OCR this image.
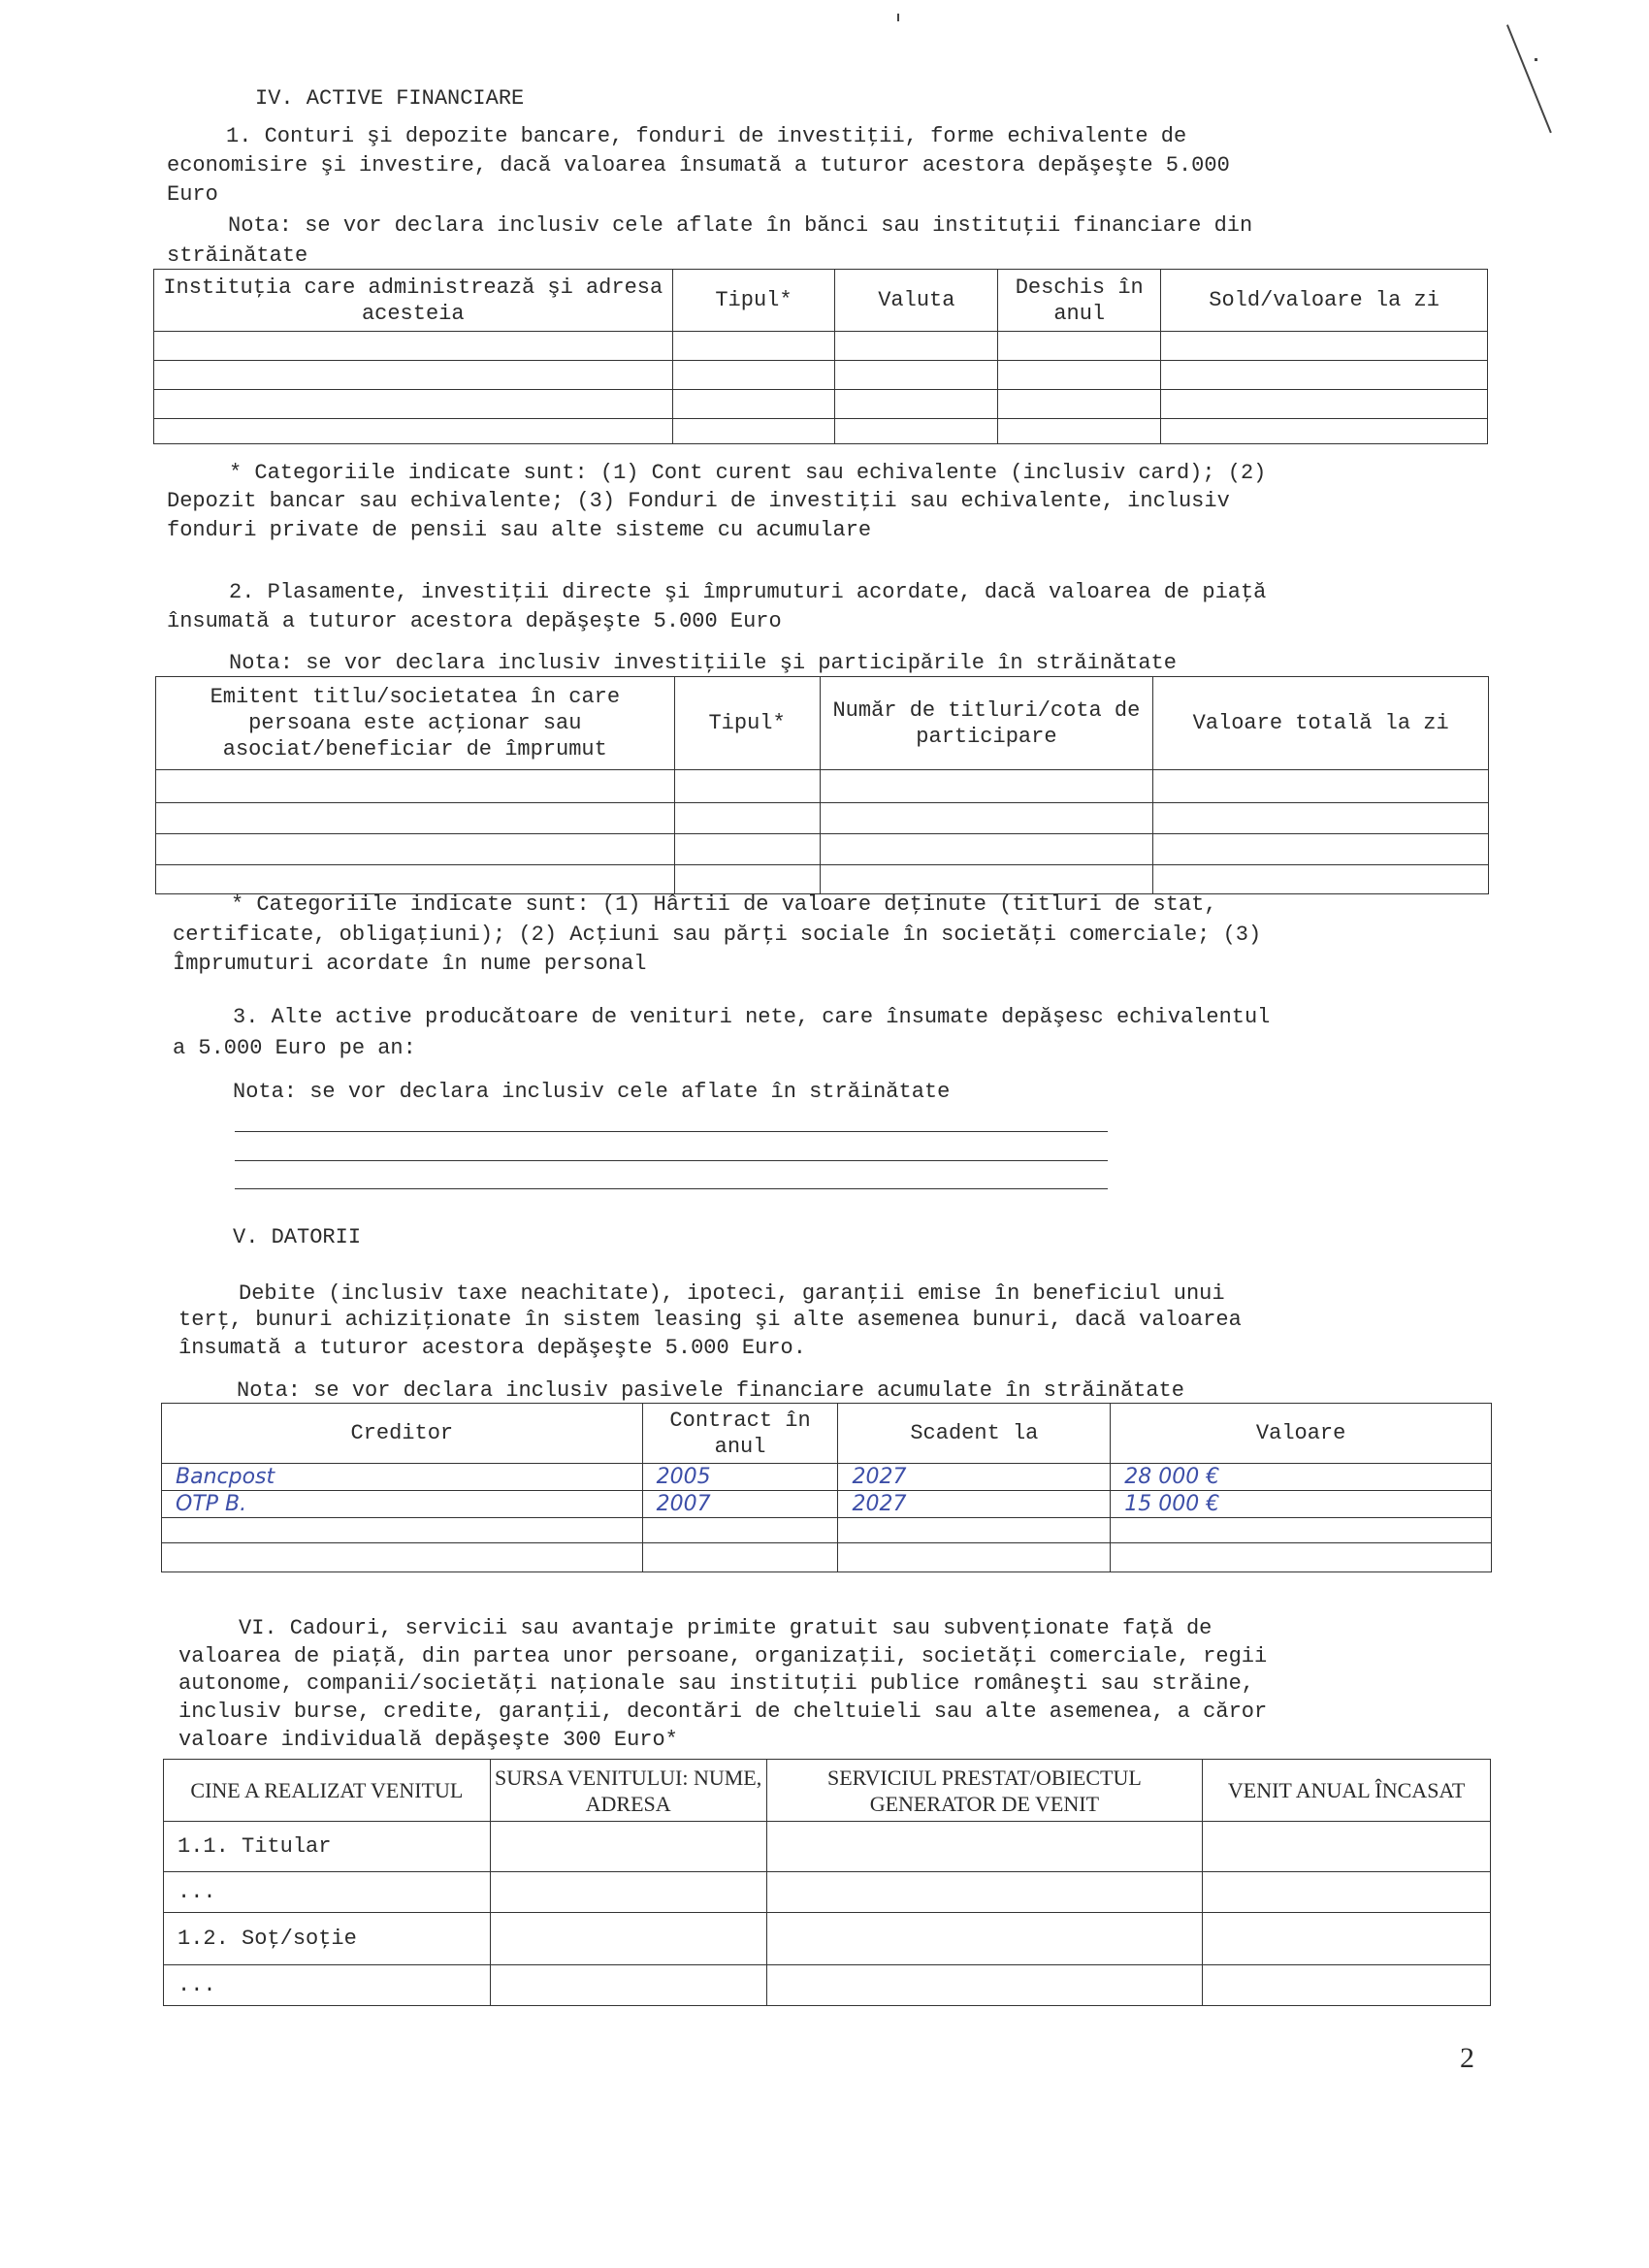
IV. ACTIVE FINANCIARE
1. Conturi şi depozite bancare, fonduri de investiţii, forme echivalente de
economisire şi investire, dacă valoarea însumată a tuturor acestora depăşeşte 5.000
Euro
Nota: se vor declara inclusiv cele aflate în bănci sau instituţii financiare din
străinătate
Instituţia care administrează şi adresa acesteia	Tipul*	Valuta	Deschis în anul	Sold/valoare la zi

* Categoriile indicate sunt: (1) Cont curent sau echivalente (inclusiv card); (2)
Depozit bancar sau echivalente; (3) Fonduri de investiţii sau echivalente, inclusiv
fonduri private de pensii sau alte sisteme cu acumulare
2. Plasamente, investiţii directe şi împrumuturi acordate, dacă valoarea de piaţă
însumată a tuturor acestora depăşeşte 5.000 Euro
Nota: se vor declara inclusiv investiţiile şi participările în străinătate
Emitent titlu/societatea în care persoana este acţionar sau asociat/beneficiar de împrumut	Tipul*	Număr de titluri/cota de participare	Valoare totală la zi

* Categoriile indicate sunt: (1) Hârtii de valoare deţinute (titluri de stat,
certificate, obligaţiuni); (2) Acţiuni sau părţi sociale în societăţi comerciale; (3)
Împrumuturi acordate în nume personal
3. Alte active producătoare de venituri nete, care însumate depăşesc echivalentul
a 5.000 Euro pe an:
Nota: se vor declara inclusiv cele aflate în străinătate
V. DATORII
Debite (inclusiv taxe neachitate), ipoteci, garanţii emise în beneficiul unui
terţ, bunuri achiziţionate în sistem leasing şi alte asemenea bunuri, dacă valoarea
însumată a tuturor acestora depăşeşte 5.000 Euro.
Nota: se vor declara inclusiv pasivele financiare acumulate în străinătate
Creditor	Contract în anul	Scadent la	Valoare
Bancpost	2005	2027	28 000 €
OTP B.	2007	2027	15 000 €

VI. Cadouri, servicii sau avantaje primite gratuit sau subvenţionate faţă de
valoarea de piaţă, din partea unor persoane, organizaţii, societăţi comerciale, regii
autonome, companii/societăţi naţionale sau instituţii publice româneşti sau străine,
inclusiv burse, credite, garanţii, decontări de cheltuieli sau alte asemenea, a căror
valoare individuală depăşeşte 300 Euro*
CINE A REALIZAT VENITUL	SURSA VENITULUI: NUME, ADRESA	SERVICIUL PRESTAT/OBIECTUL GENERATOR DE VENIT	VENIT ANUAL ÎNCASAT
1.1. Titular			
...			
1.2. Soţ/soţie			
...			
2
